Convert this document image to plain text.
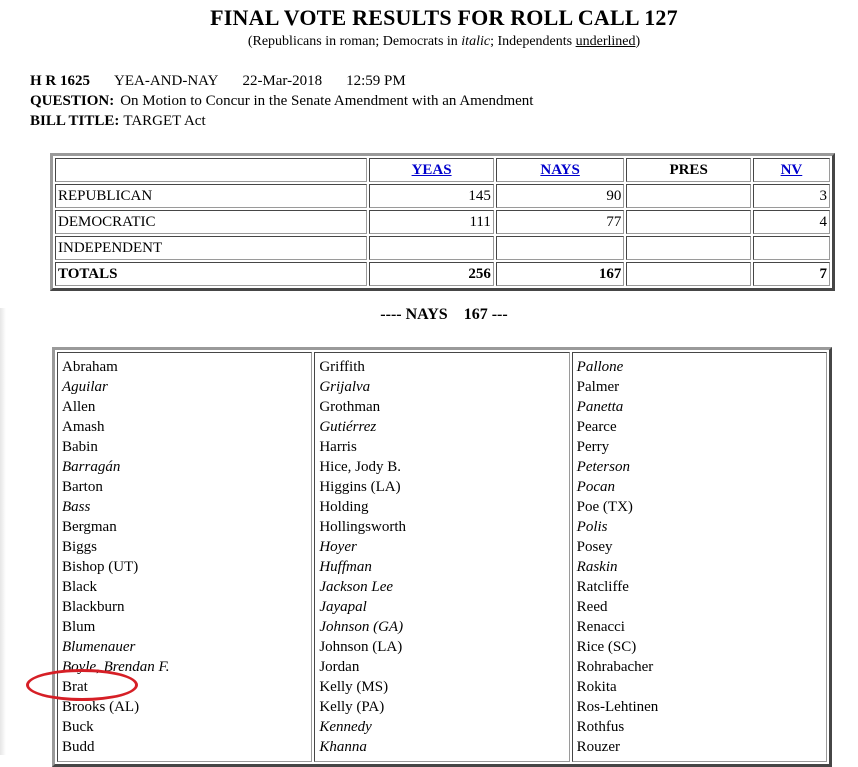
FINAL VOTE RESULTS FOR ROLL CALL 127
(Republicans in roman; Democrats in italic; Independents underlined)
H R 1625 YEA-AND-NAY 22-Mar-2018 12:59 PM
QUESTION: On Motion to Concur in the Senate Amendment with an Amendment
BILL TITLE: TARGET Act
	YEAS	NAYS	PRES	NV
REPUBLICAN	145	90		3
DEMOCRATIC	111	77		4
INDEPENDENT				
TOTALS	256	167		7
---- NAYS    167 ---
Abraham
Aguilar
Allen
Amash
Babin
Barragán
Barton
Bass
Bergman
Biggs
Bishop (UT)
Black
Blackburn
Blum
Blumenauer
Boyle, Brendan F.
Brat
Brooks (AL)
Buck
Budd
Griffith
Grijalva
Grothman
Gutiérrez
Harris
Hice, Jody B.
Higgins (LA)
Holding
Hollingsworth
Hoyer
Huffman
Jackson Lee
Jayapal
Johnson (GA)
Johnson (LA)
Jordan
Kelly (MS)
Kelly (PA)
Kennedy
Khanna
Pallone
Palmer
Panetta
Pearce
Perry
Peterson
Pocan
Poe (TX)
Polis
Posey
Raskin
Ratcliffe
Reed
Renacci
Rice (SC)
Rohrabacher
Rokita
Ros-Lehtinen
Rothfus
Rouzer
